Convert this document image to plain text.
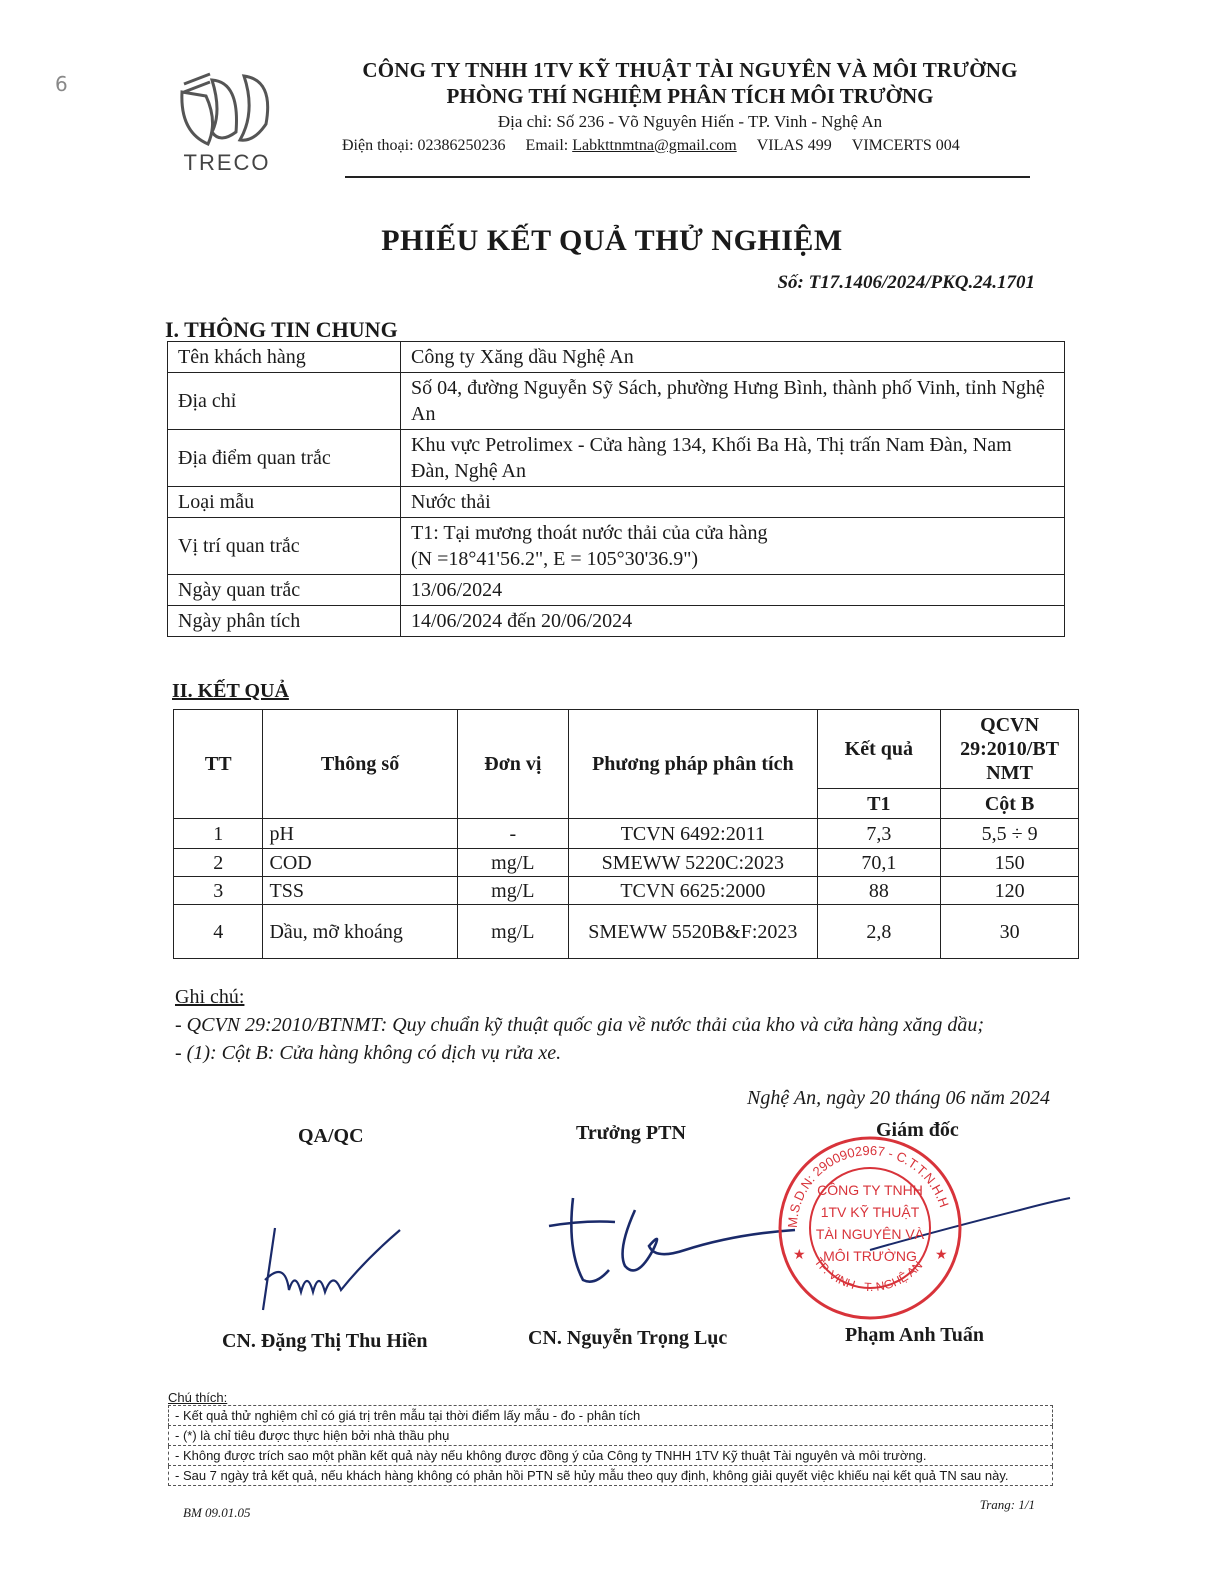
6
TRECO
CÔNG TY TNHH 1TV KỸ THUẬT TÀI NGUYÊN VÀ MÔI TRƯỜNG
PHÒNG THÍ NGHIỆM PHÂN TÍCH MÔI TRƯỜNG
Địa chỉ: Số 236 - Võ Nguyên Hiến - TP. Vinh - Nghệ An
Điện thoại: 02386250236 Email: Labkttnmtna@gmail.com VILAS 499 VIMCERTS 004
PHIẾU KẾT QUẢ THỬ NGHIỆM
Số: T17.1406/2024/PKQ.24.1701
I. THÔNG TIN CHUNG
Tên khách hàng	Công ty Xăng dầu Nghệ An
Địa chỉ	Số 04, đường Nguyễn Sỹ Sách, phường Hưng Bình, thành phố Vinh, tỉnh Nghệ An
Địa điểm quan trắc	Khu vực Petrolimex - Cửa hàng 134, Khối Ba Hà, Thị trấn Nam Đàn, Nam Đàn, Nghệ An
Loại mẫu	Nước thải
Vị trí quan trắc	T1: Tại mương thoát nước thải của cửa hàng
(N =18°41'56.2", E = 105°30'36.9")

Ngày quan trắc	13/06/2024
Ngày phân tích	14/06/2024 đến 20/06/2024
II. KẾT QUẢ
TT	Thông số	Đơn vị	Phương pháp phân tích	Kết quả	QCVN 29:2010/BT NMT
				T1	Cột B
1	pH	-	TCVN 6492:2011	7,3	5,5 ÷ 9
2	COD	mg/L	SMEWW 5220C:2023	70,1	150
3	TSS	mg/L	TCVN 6625:2000	88	120
4	Dầu, mỡ khoáng	mg/L	SMEWW 5520B&F:2023	2,8	30
Ghi chú:
- QCVN 29:2010/BTNMT: Quy chuẩn kỹ thuật quốc gia về nước thải của kho và cửa hàng xăng dầu;
- (1): Cột B: Cửa hàng không có dịch vụ rửa xe.
Nghệ An, ngày 20 tháng 06 năm 2024
QA/QC	Trưởng PTN	Giám đốc
M.S.D.N: 2900902967 - C.T.T.N.H.H
TP. VINH - T. NGHỆ AN
CÔNG TY TNHH
1TV KỸ THUẬT
TÀI NGUYÊN VÀ
MÔI TRƯỜNG
★	★
CN. Đặng Thị Thu Hiền	CN. Nguyễn Trọng Lục	Phạm Anh Tuấn
Chú thích:
- Kết quả thử nghiệm chỉ có giá trị trên mẫu tại thời điểm lấy mẫu - đo - phân tích
- (*) là chỉ tiêu được thực hiện bởi nhà thầu phụ
- Không được trích sao một phần kết quả này nếu không được đồng ý của Công ty TNHH 1TV Kỹ thuật Tài nguyên và môi trường.
- Sau 7 ngày trả kết quả, nếu khách hàng không có phản hồi PTN sẽ hủy mẫu theo quy định, không giải quyết việc khiếu nại kết quả TN sau này.
BM 09.01.05
Trang: 1/1
